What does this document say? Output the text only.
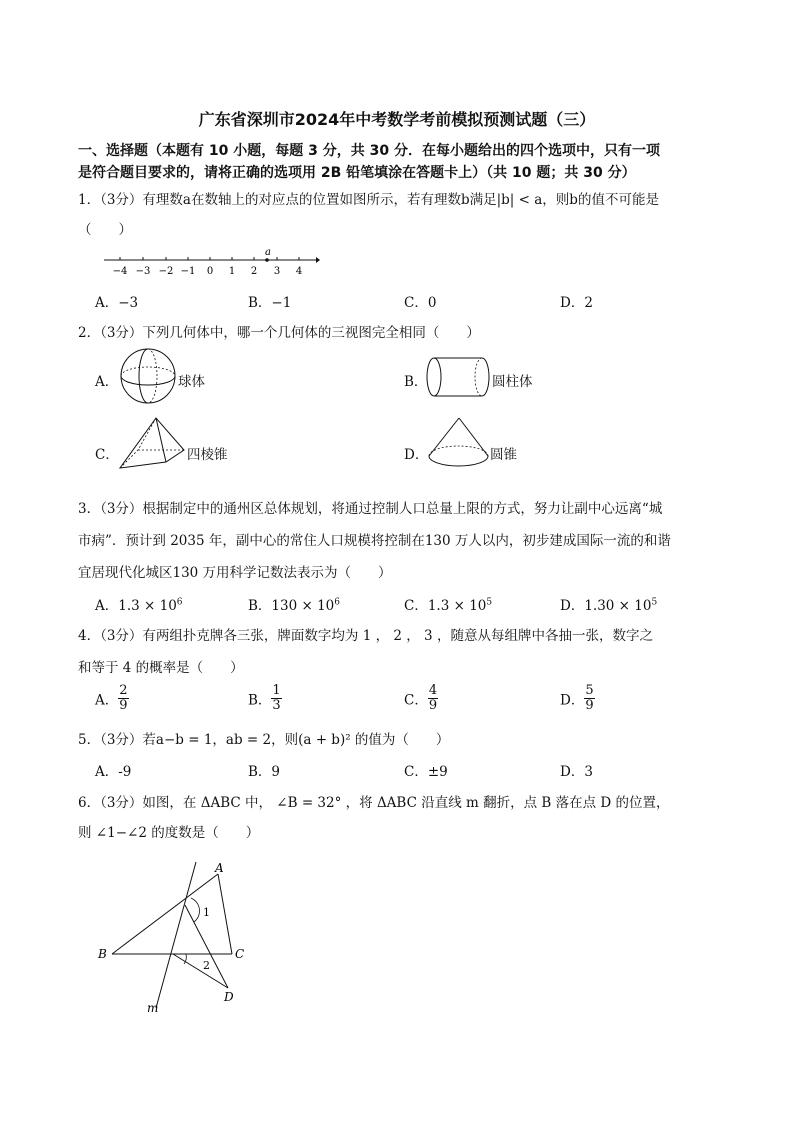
广东省深圳市2024年中考数学考前模拟预测试题（三）
一、选择题（本题有 10 小题，每题 3 分，共 30 分．在每小题给出的四个选项中，只有一项
是符合题目要求的，请将正确的选项用 2B 铅笔填涂在答题卡上）（共 10 题；共 30 分）
1．（3分）有理数a在数轴上的对应点的位置如图所示，若有理数b满足|b| < a，则b的值不可能是
（　　）
a
−4 −3 −2 −1 0 1 2 3 4
A．−3	B．−1	C．0	D．2
2．（3分）下列几何体中，哪一个几何体的三视图完全相同（　　）
A．	球体	B．	圆柱体
C．	四棱锥	D．	圆锥
3．（3分）根据制定中的通州区总体规划，将通过控制人口总量上限的方式，努力让副中心远离“城
市病”．预计到 2035 年，副中心的常住人口规模将控制在130 万人以内，初步建成国际一流的和谐
宜居现代化城区130 万用科学记数法表示为（　　）
A．$1.3 \times 10^6$	B．$130 \times 10^6$	C．$1.3 \times 10^5$	D．$1.30 \times 10^5$
4．（3分）有两组扑克牌各三张，牌面数字均为 1 ， 2 ， 3 ，随意从每组牌中各抽一张，数字之
和等于 4 的概率是（　　）
A． $\frac{2}{9}$	B． $\frac{1}{3}$	C． $\frac{4}{9}$	D． $\frac{5}{9}$
5．（3分）若a−b = 1，ab = 2，则(a + b)² 的值为（　　）
A．-9	B．9	C．±9	D．3
6．（3分）如图，在 ΔABC 中， ∠B = 32° ，将 ΔABC 沿直线 m 翻折，点 B 落在点 D 的位置，
则 ∠1−∠2 的度数是（　　）
A
B	C
D
m
1
2
